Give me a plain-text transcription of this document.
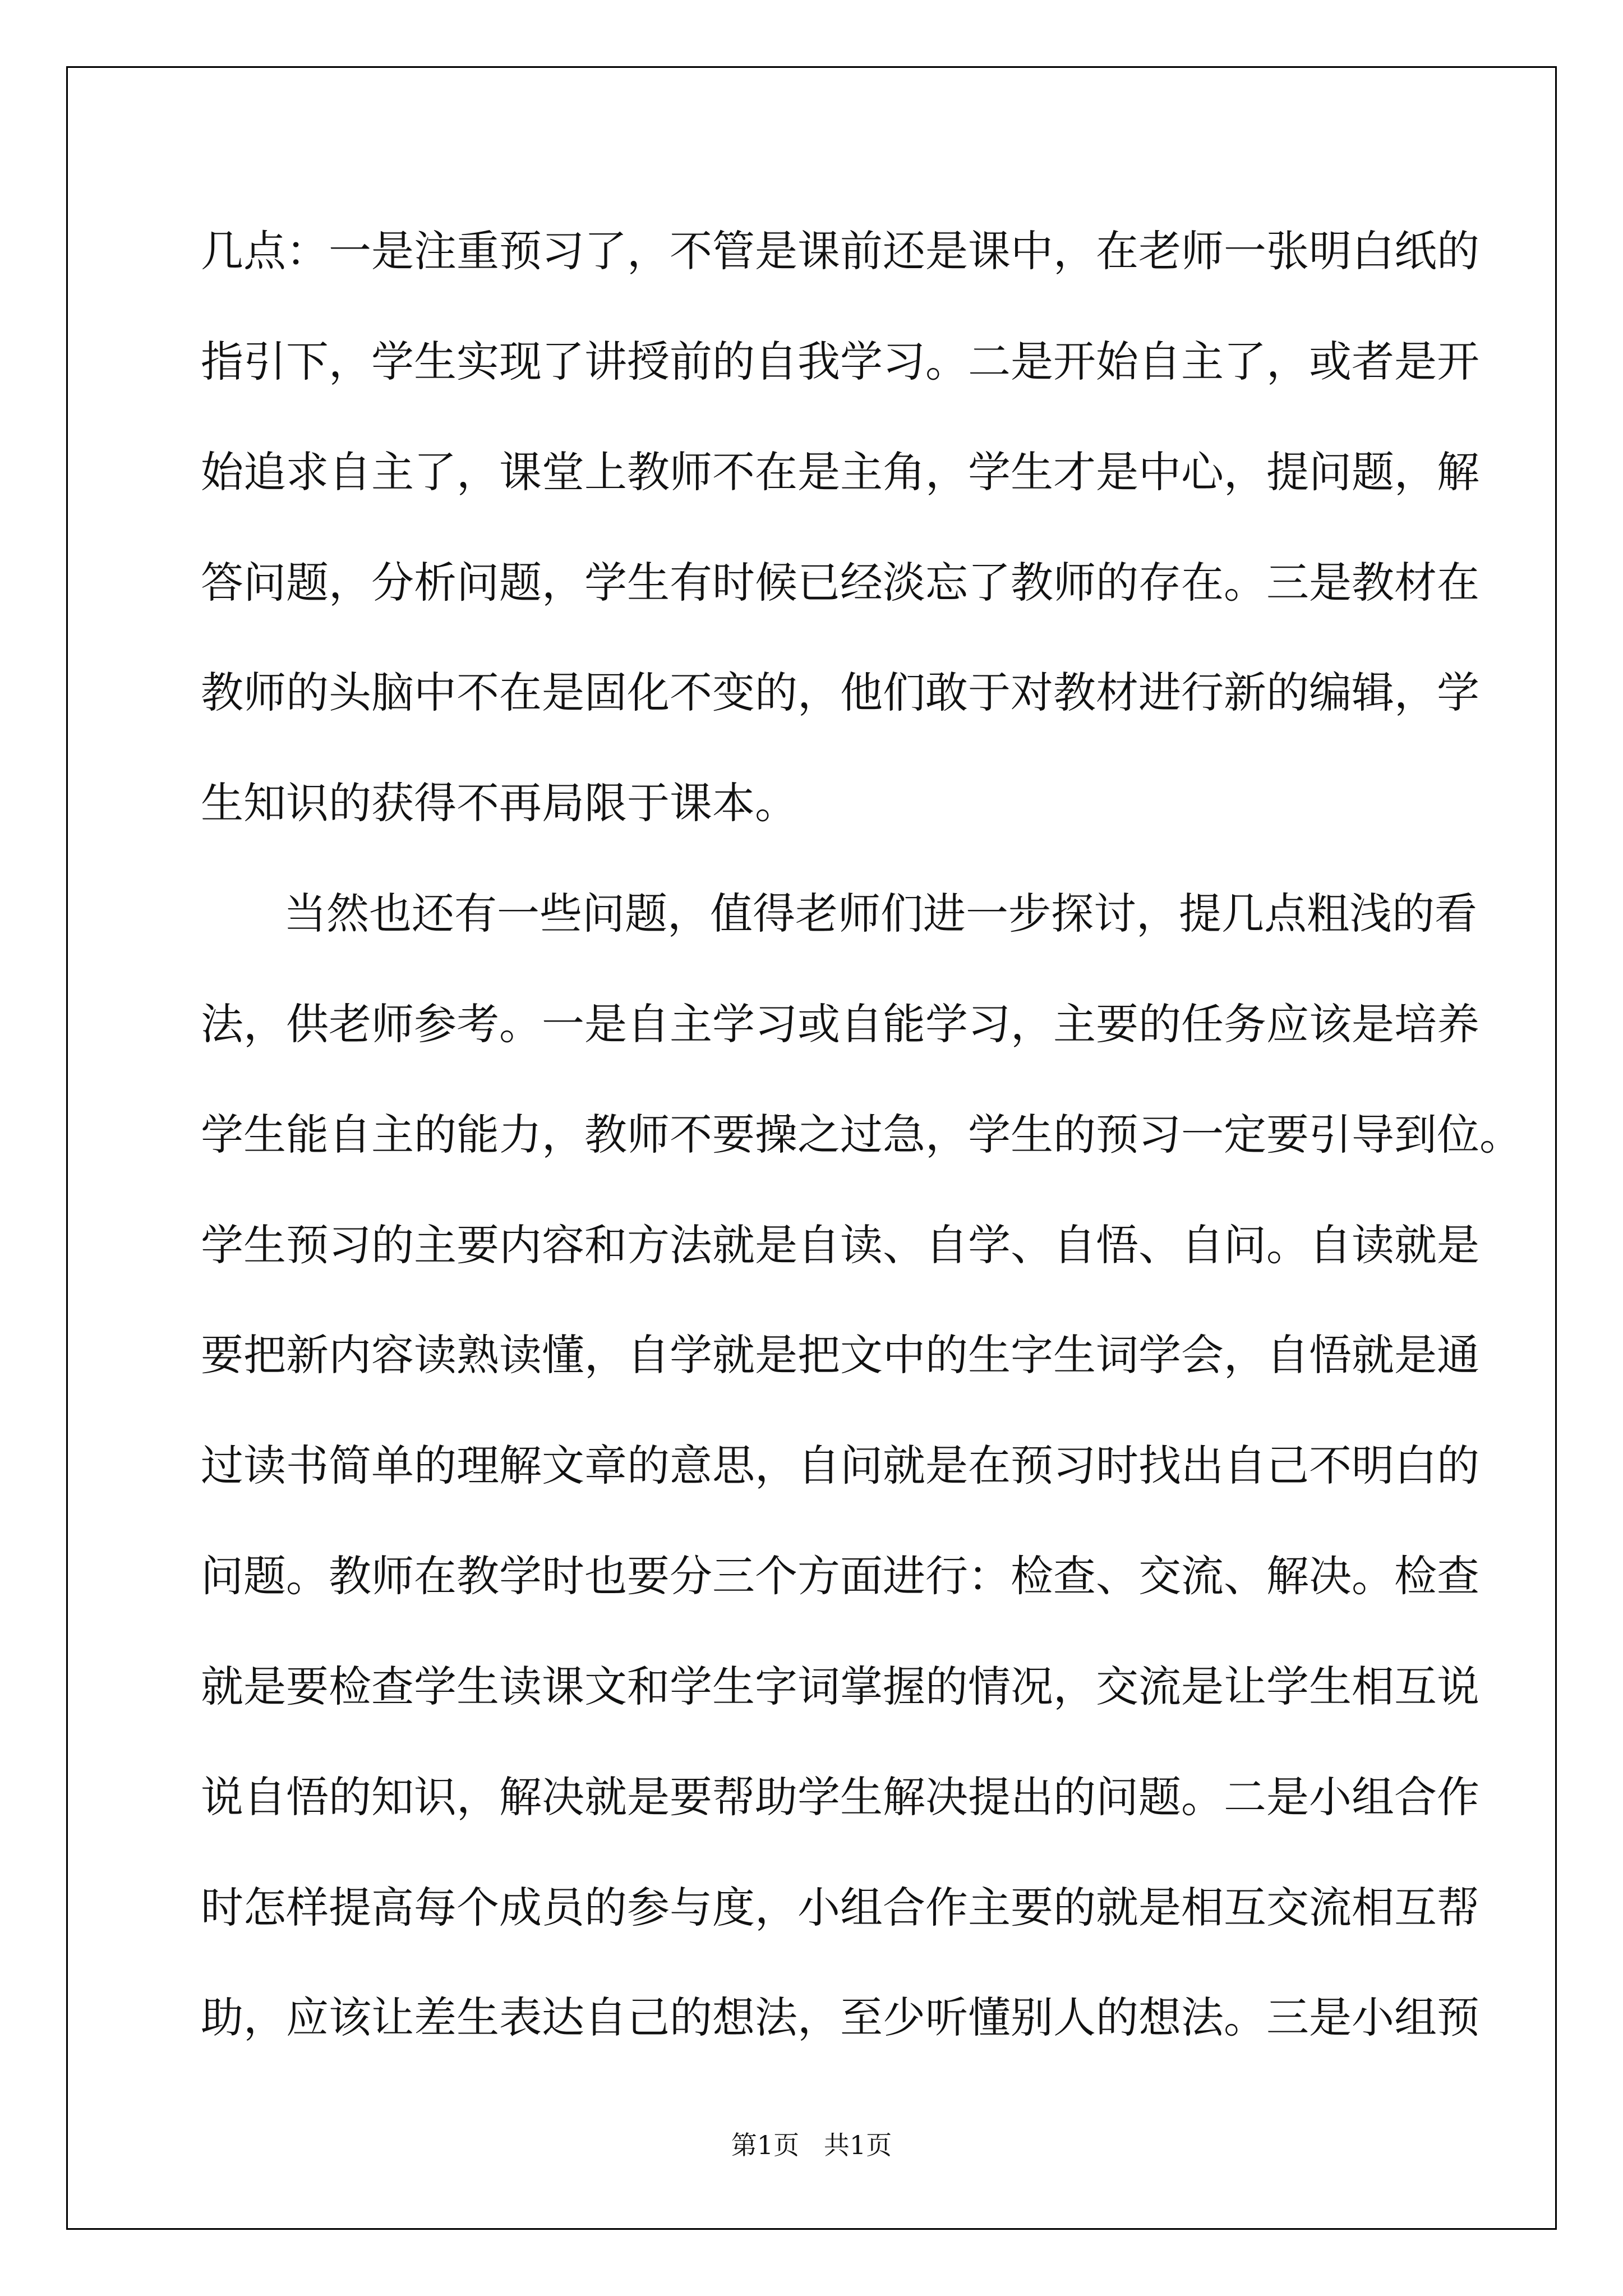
几点：一是注重预习了，不管是课前还是课中，在老师一张明白纸的
指引下，学生实现了讲授前的自我学习。二是开始自主了，或者是开
始追求自主了，课堂上教师不在是主角，学生才是中心，提问题，解
答问题，分析问题，学生有时候已经淡忘了教师的存在。三是教材在
教师的头脑中不在是固化不变的，他们敢于对教材进行新的编辑，学
生知识的获得不再局限于课本。
当然也还有一些问题，值得老师们进一步探讨，提几点粗浅的看
法，供老师参考。一是自主学习或自能学习，主要的任务应该是培养
学生能自主的能力，教师不要操之过急，学生的预习一定要引导到位。
学生预习的主要内容和方法就是自读、自学、自悟、自问。自读就是
要把新内容读熟读懂，自学就是把文中的生字生词学会，自悟就是通
过读书简单的理解文章的意思，自问就是在预习时找出自己不明白的
问题。教师在教学时也要分三个方面进行：检查、交流、解决。检查
就是要检查学生读课文和学生字词掌握的情况，交流是让学生相互说
说自悟的知识，解决就是要帮助学生解决提出的问题。二是小组合作
时怎样提高每个成员的参与度，小组合作主要的就是相互交流相互帮
助，应该让差生表达自己的想法，至少听懂别人的想法。三是小组预
第1页   共1页
